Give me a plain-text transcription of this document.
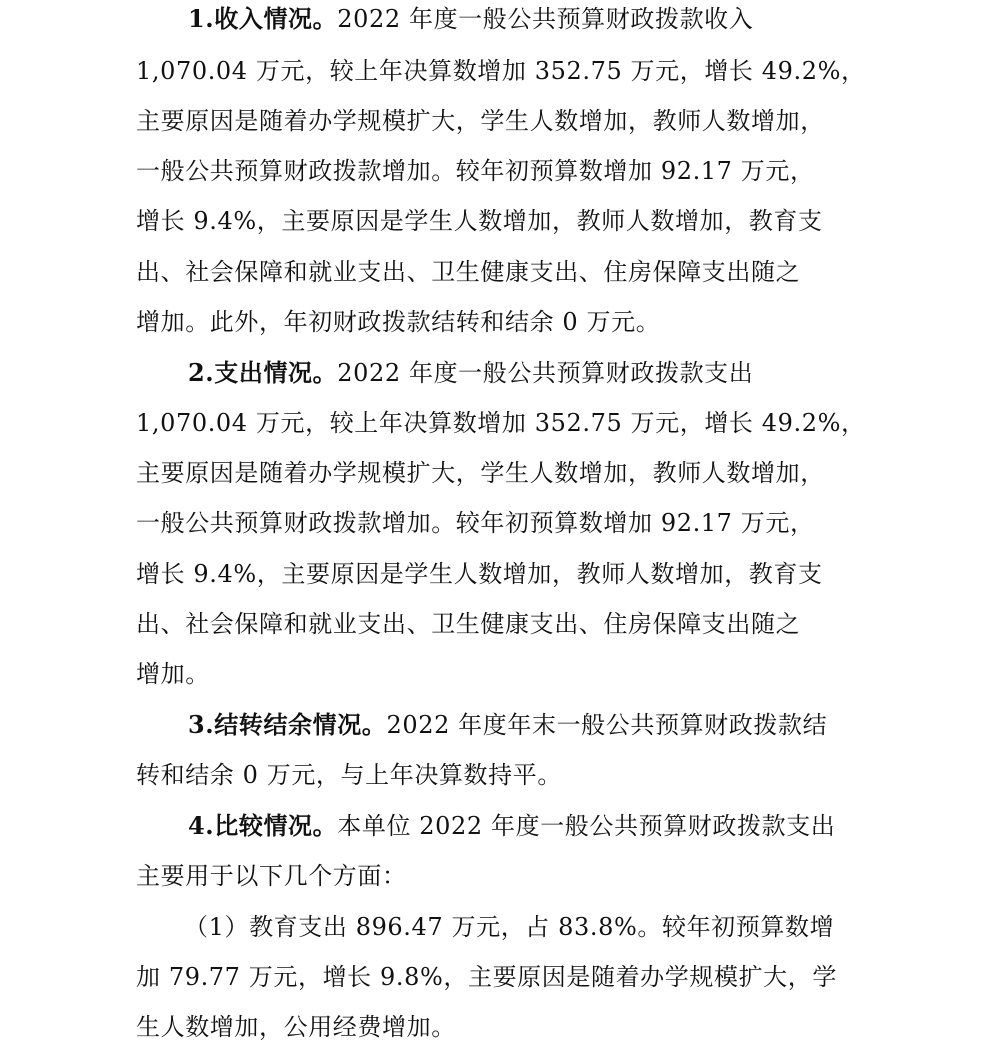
1.收入情况。2022 年度一般公共预算财政拨款收入
1,070.04 万元，较上年决算数增加 352.75 万元，增长 49.2%，
主要原因是随着办学规模扩大，学生人数增加，教师人数增加，
一般公共预算财政拨款增加。较年初预算数增加 92.17 万元，
增长 9.4%，主要原因是学生人数增加，教师人数增加，教育支
出、社会保障和就业支出、卫生健康支出、住房保障支出随之
增加。此外，年初财政拨款结转和结余 0 万元。
2.支出情况。2022 年度一般公共预算财政拨款支出
1,070.04 万元，较上年决算数增加 352.75 万元，增长 49.2%，
主要原因是随着办学规模扩大，学生人数增加，教师人数增加，
一般公共预算财政拨款增加。较年初预算数增加 92.17 万元，
增长 9.4%，主要原因是学生人数增加，教师人数增加，教育支
出、社会保障和就业支出、卫生健康支出、住房保障支出随之
增加。
3.结转结余情况。2022 年度年末一般公共预算财政拨款结
转和结余 0 万元，与上年决算数持平。
4.比较情况。本单位 2022 年度一般公共预算财政拨款支出
主要用于以下几个方面：
（1）教育支出 896.47 万元，占 83.8%。较年初预算数增
加 79.77 万元，增长 9.8%，主要原因是随着办学规模扩大，学
生人数增加，公用经费增加。
